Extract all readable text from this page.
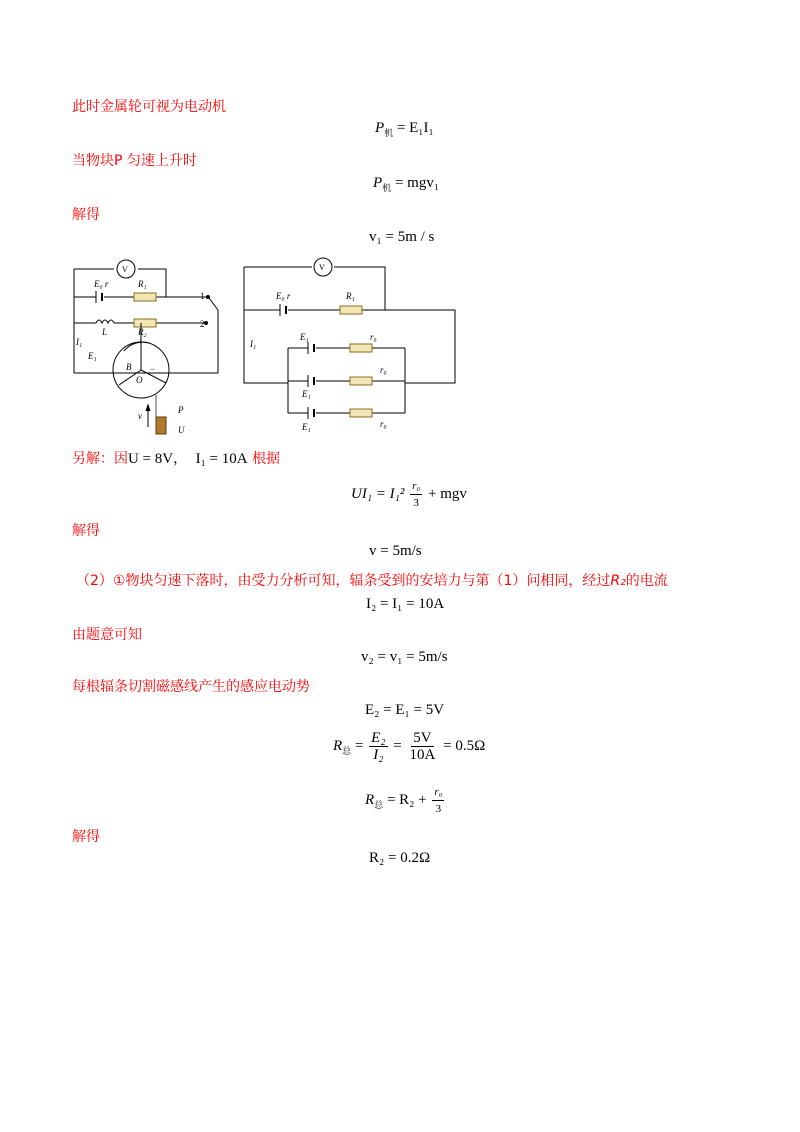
此时金属轮可视为电动机
$P_机 = E_1I_1$
当物块P 匀速上升时
$P_机 = mgv_1$
解得
v₁ = 5m / s
V
E₀ r	R₁
1
L	R₂
2
I₁
E₁
B
O
+
−
v
P
U
V
E₀ r	R₁
I₁
E₁	r₀
E₁
r₀
E₁	r₀
另解：因U = 8V， I₁ = 10A 根据
$UI_1 = I_1^2 \frac{\text{r₀}}{3}$ + mgv
解得
v = 5m/s
（2）①物块匀速下落时，由受力分析可知，辐条受到的安培力与第（1）问相同，经过R₂的电流
I₂ = I₁ = 10A
由题意可知
v₂ = v₁ = 5m/s
每根辐条切割磁感线产生的感应电动势
E₂ = E₁ = 5V
$R_总 = \frac{\text{E₂}}{\text{I₂}} = \frac{5V}{10A} = 0.5\Omega$
$R_总 = R_2 + \frac{\text{r₀}}{3}$
解得
R₂ = 0.2Ω
